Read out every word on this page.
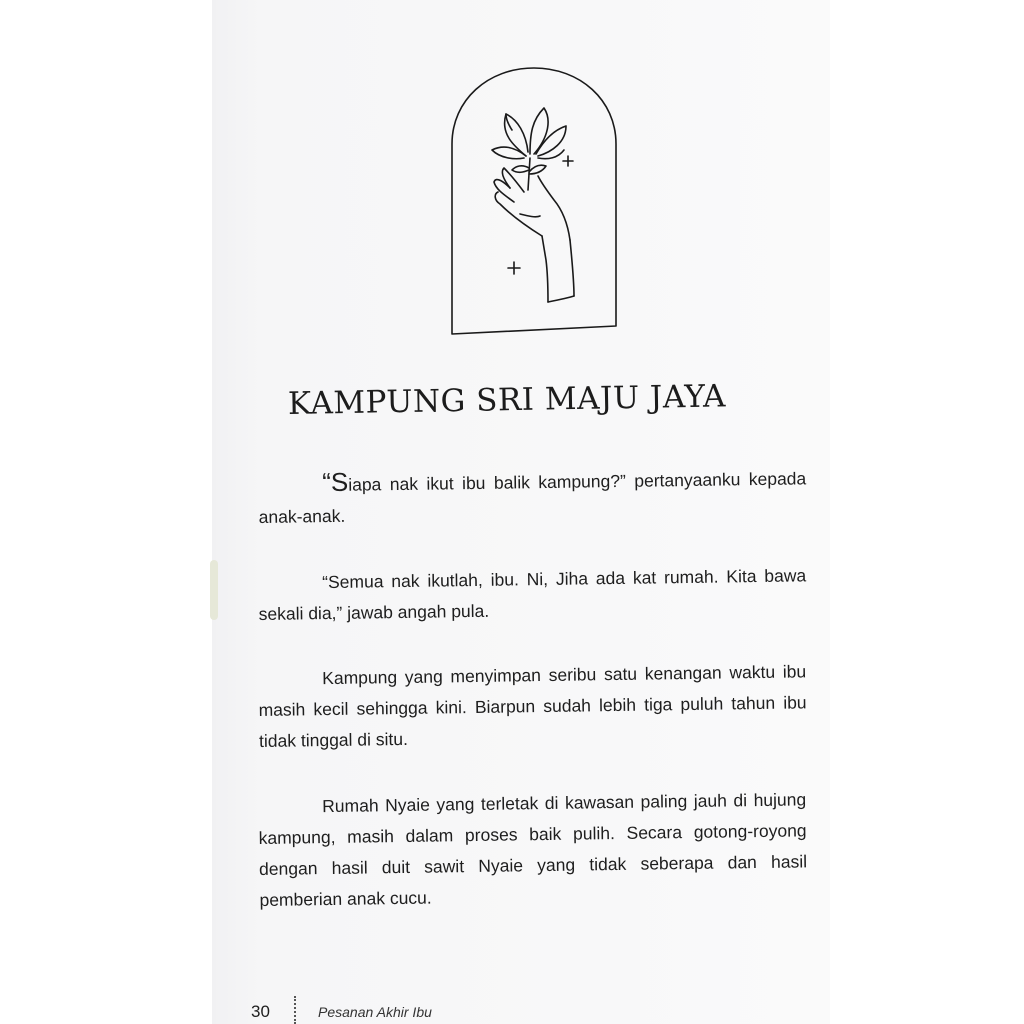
KAMPUNG SRI MAJU JAYA

“Siapa nak ikut ibu balik kampung?” pertanyaanku kepada anak-anak.

“Semua nak ikutlah, ibu. Ni, Jiha ada kat rumah. Kita bawa sekali dia,” jawab angah pula.

Kampung yang menyimpan seribu satu kenangan waktu ibu masih kecil sehingga kini. Biarpun sudah lebih tiga puluh tahun ibu tidak tinggal di situ.

Rumah Nyaie yang terletak di kawasan paling jauh di hujung kampung, masih dalam proses baik pulih. Secara gotong-royong dengan hasil duit sawit Nyaie yang tidak seberapa dan hasil pemberian anak cucu.

30	Pesanan Akhir Ibu
